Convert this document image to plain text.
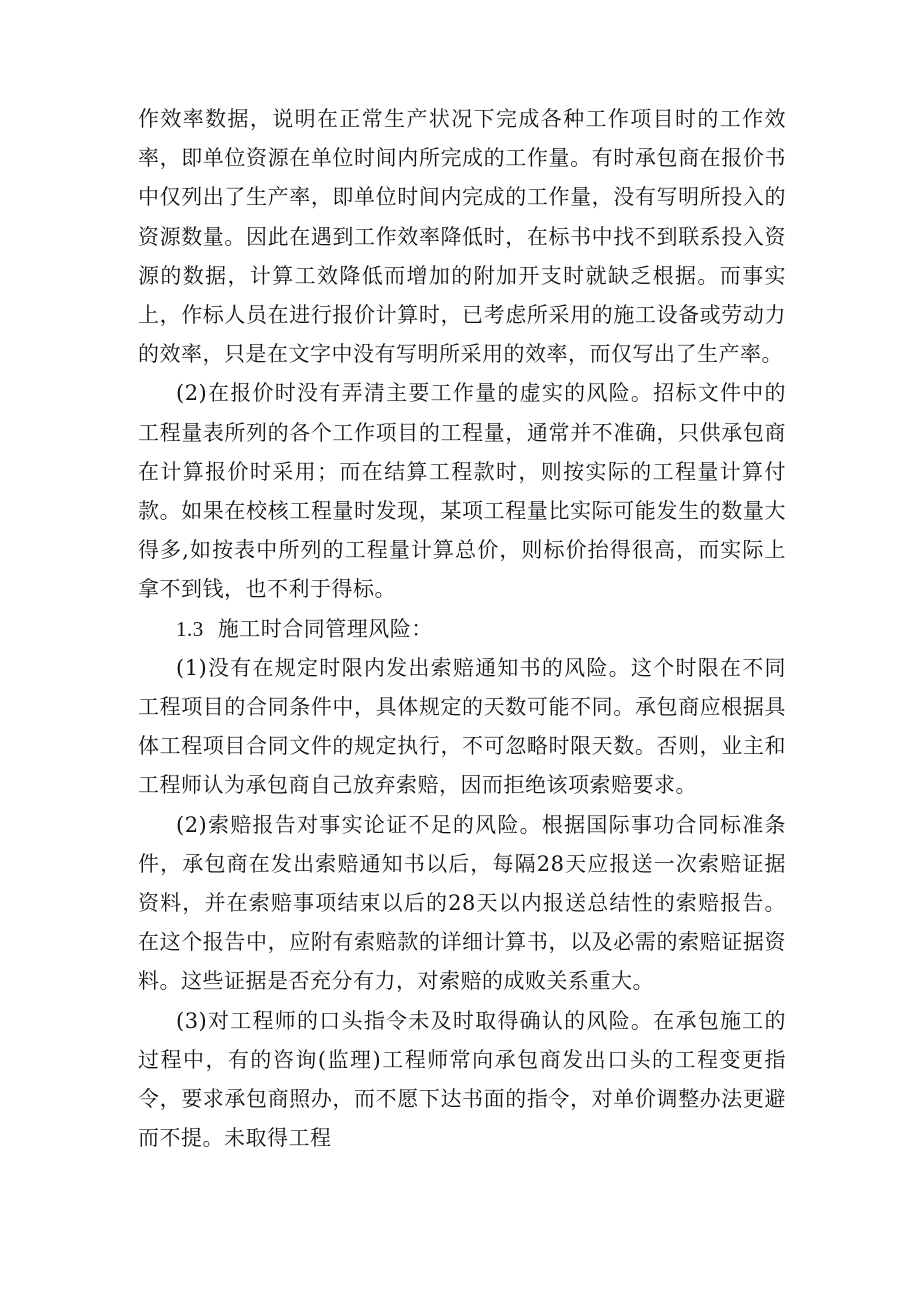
作效率数据，说明在正常生产状况下完成各种工作项目时的工作效率，即单位资源在单位时间内所完成的工作量。有时承包商在报价书中仅列出了生产率，即单位时间内完成的工作量，没有写明所投入的资源数量。因此在遇到工作效率降低时，在标书中找不到联系投入资源的数据，计算工效降低而增加的附加开支时就缺乏根据。而事实上，作标人员在进行报价计算时，已考虑所采用的施工设备或劳动力的效率，只是在文字中没有写明所采用的效率，而仅写出了生产率。

(2)在报价时没有弄清主要工作量的虚实的风险。招标文件中的工程量表所列的各个工作项目的工程量，通常并不准确，只供承包商在计算报价时采用；而在结算工程款时，则按实际的工程量计算付款。如果在校核工程量时发现，某项工程量比实际可能发生的数量大得多,如按表中所列的工程量计算总价，则标价抬得很高，而实际上拿不到钱，也不利于得标。

1.3 施工时合同管理风险：

(1)没有在规定时限内发出索赔通知书的风险。这个时限在不同工程项目的合同条件中，具体规定的天数可能不同。承包商应根据具体工程项目合同文件的规定执行，不可忽略时限天数。否则，业主和工程师认为承包商自己放弃索赔，因而拒绝该项索赔要求。

(2)索赔报告对事实论证不足的风险。根据国际事功合同标准条件，承包商在发出索赔通知书以后，每隔28天应报送一次索赔证据资料，并在索赔事项结束以后的28天以内报送总结性的索赔报告。在这个报告中，应附有索赔款的详细计算书，以及必需的索赔证据资料。这些证据是否充分有力，对索赔的成败关系重大。

(3)对工程师的口头指令未及时取得确认的风险。在承包施工的过程中，有的咨询(监理)工程师常向承包商发出口头的工程变更指令，要求承包商照办，而不愿下达书面的指令，对单价调整办法更避而不提。未取得工程
